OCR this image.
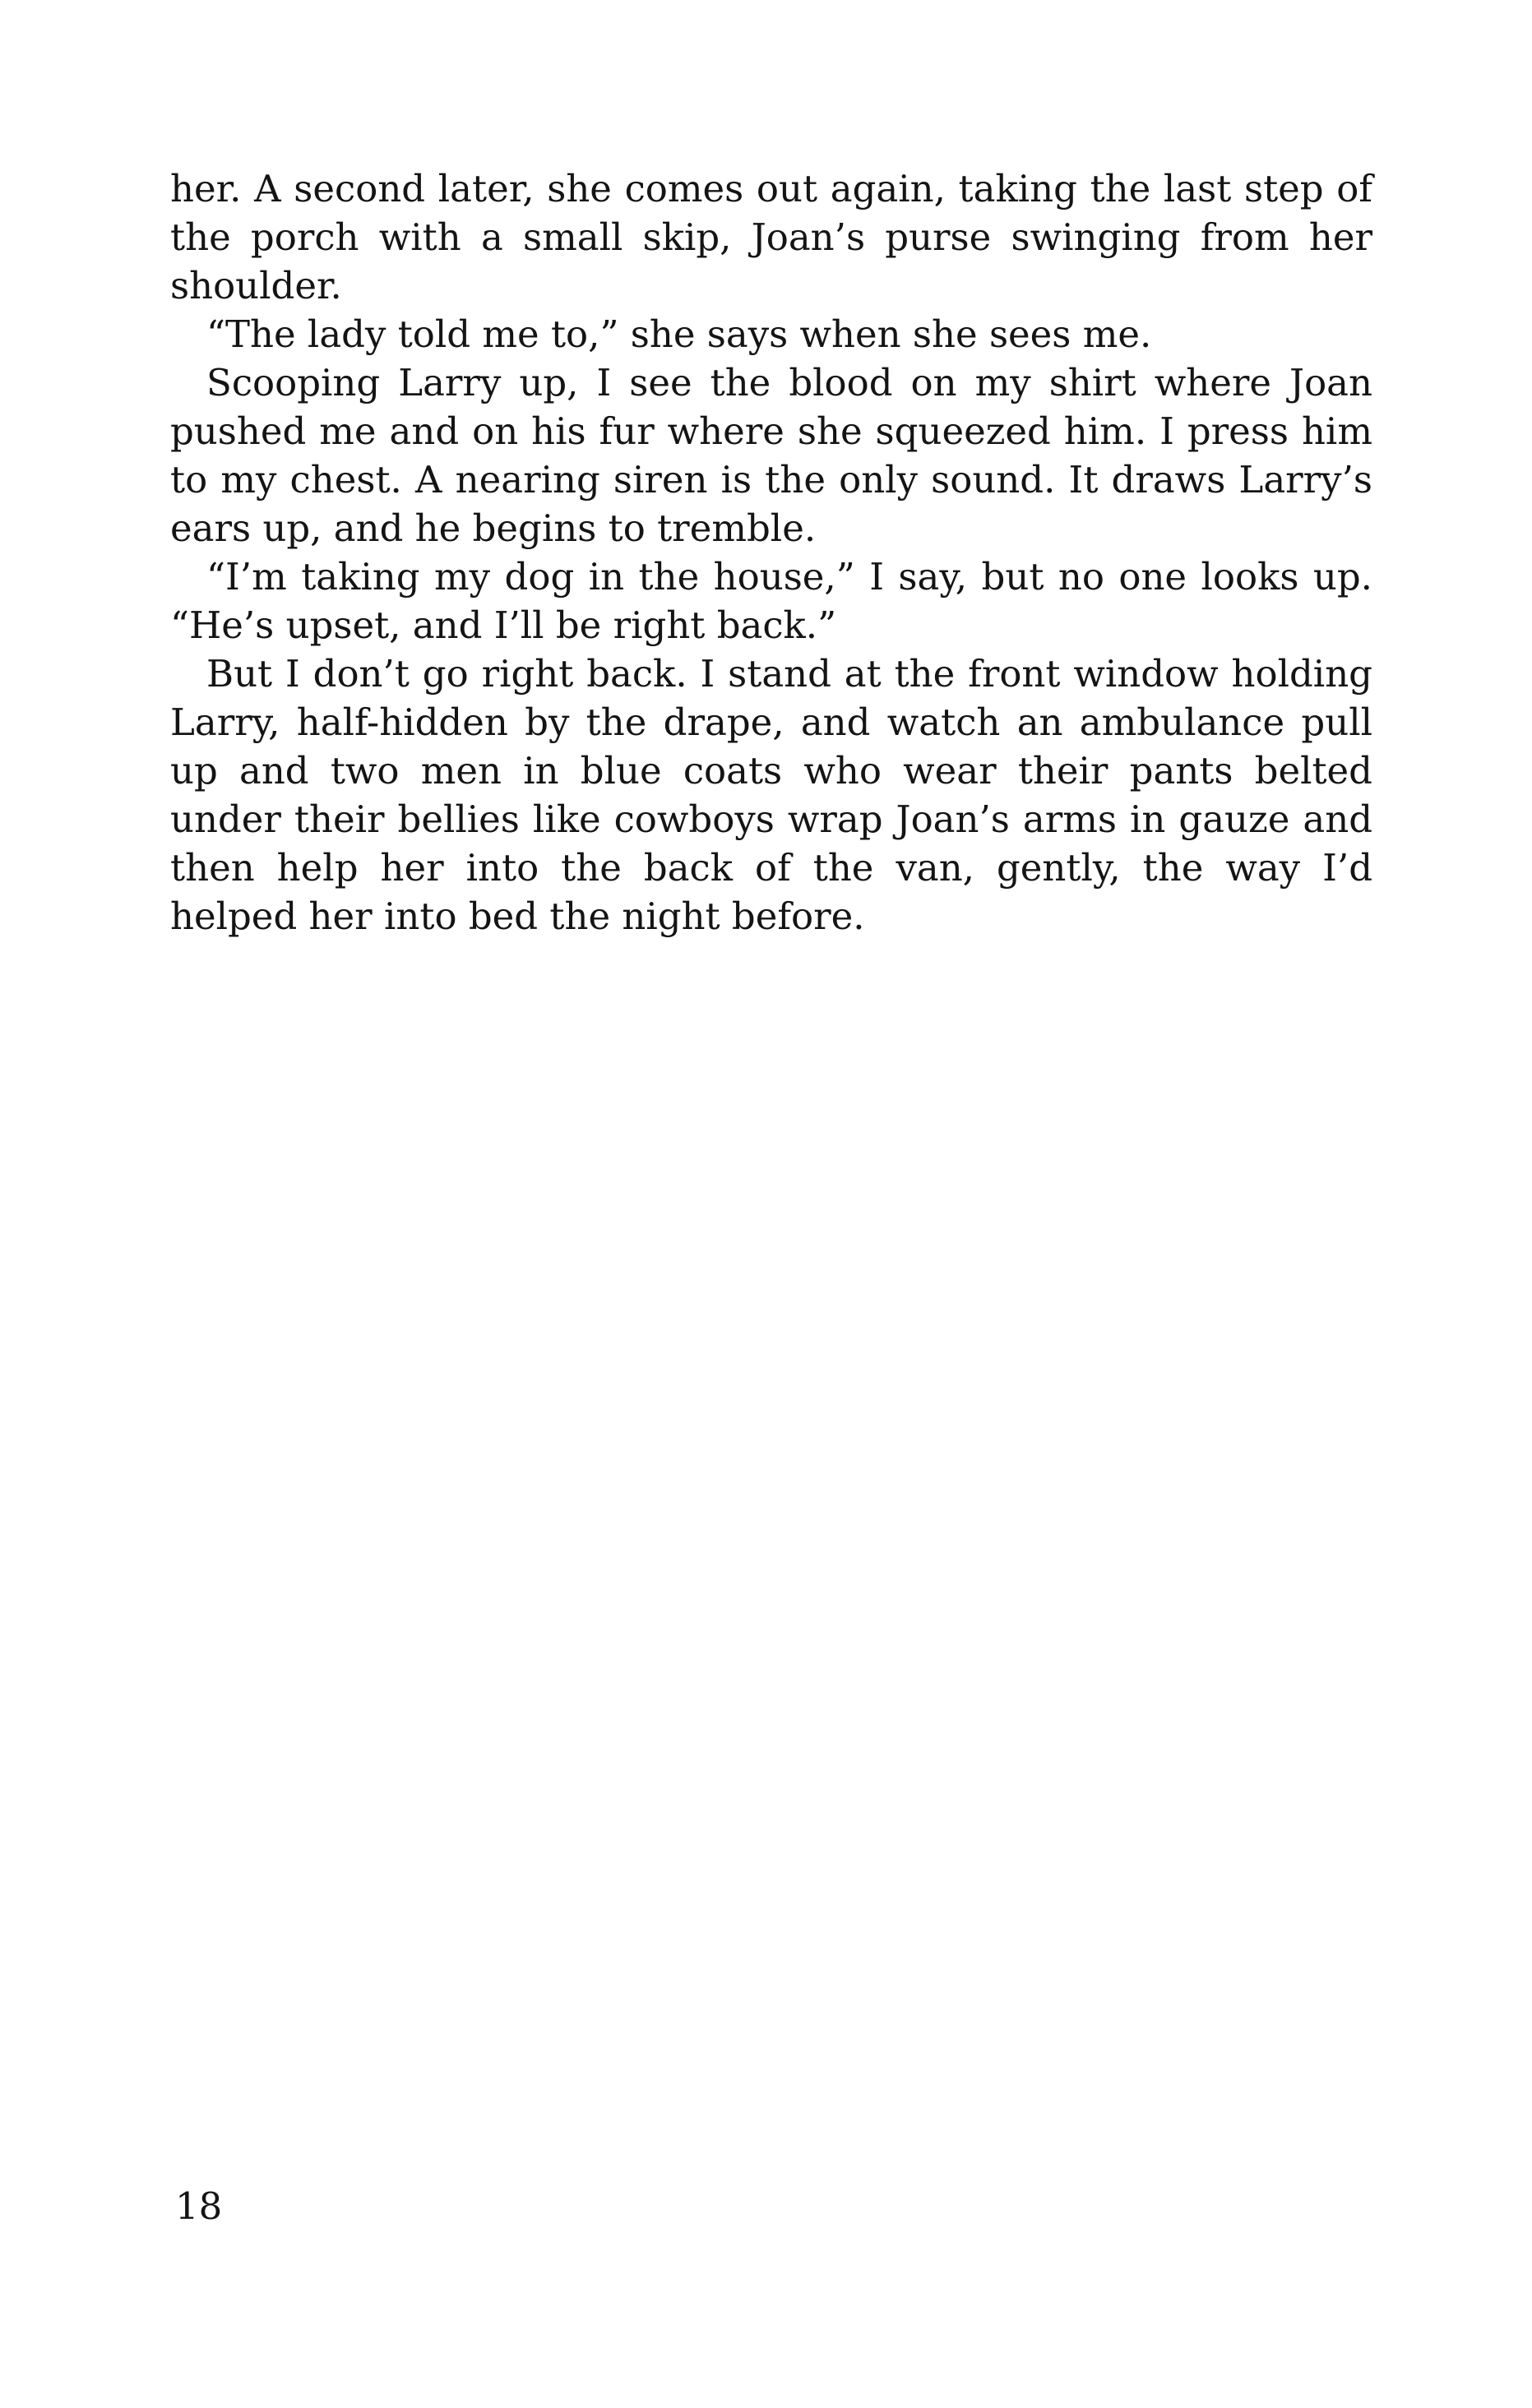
her. A second later, she comes out again, taking the last step of the porch with a small skip, Joan’s purse swinging from her shoulder.

“The lady told me to,” she says when she sees me.

Scooping Larry up, I see the blood on my shirt where Joan pushed me and on his fur where she squeezed him. I press him to my chest. A nearing siren is the only sound. It draws Larry’s ears up, and he begins to tremble.

“I’m taking my dog in the house,” I say, but no one looks up. “He’s upset, and I’ll be right back.”

But I don’t go right back. I stand at the front window holding Larry, half-hidden by the drape, and watch an ambulance pull up and two men in blue coats who wear their pants belted under their bellies like cowboys wrap Joan’s arms in gauze and then help her into the back of the van, gently, the way I’d helped her into bed the night before.

18
